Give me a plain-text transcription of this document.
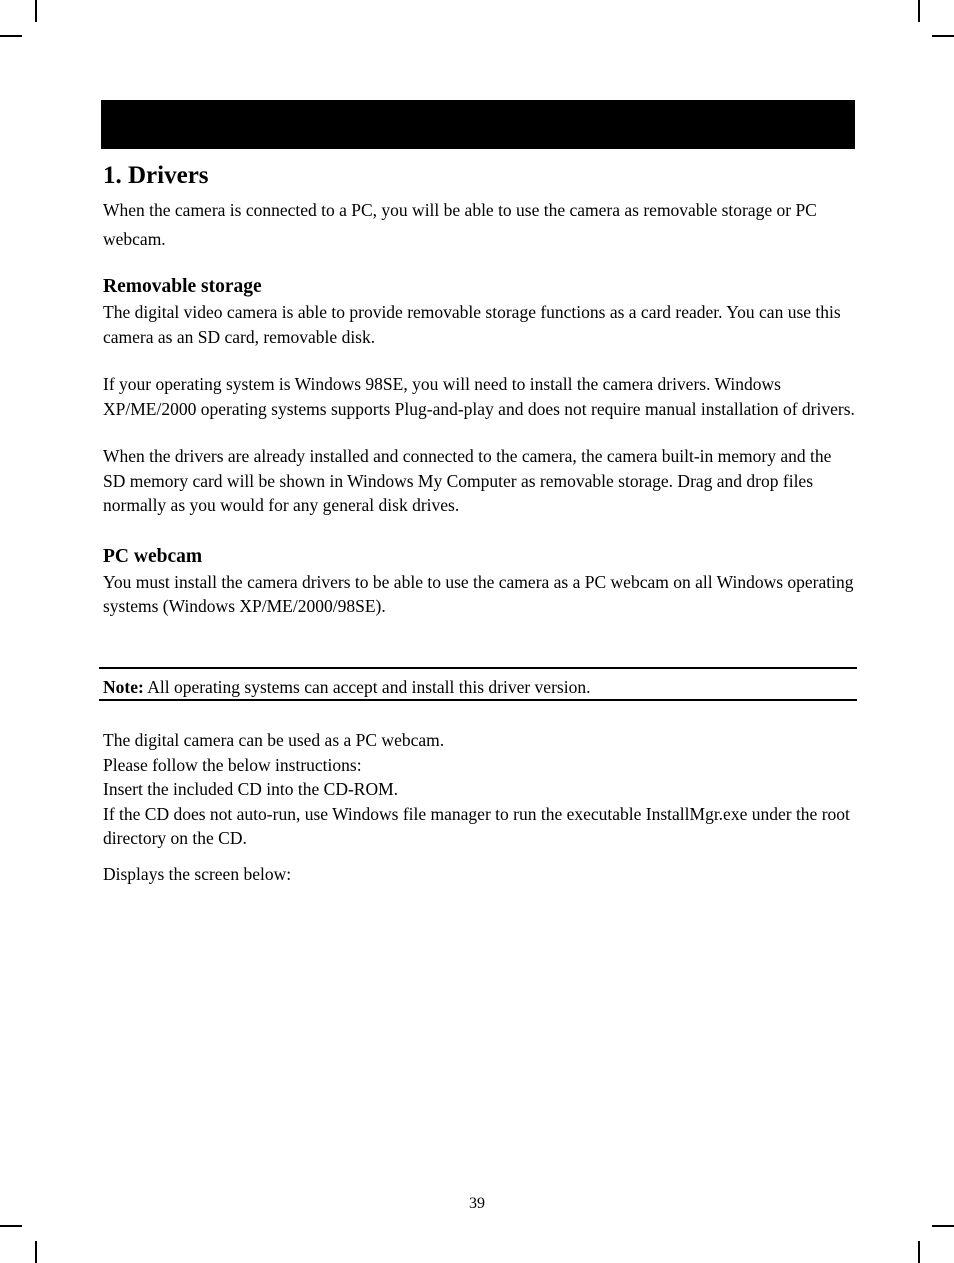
1. Drivers

When the camera is connected to a PC, you will be able to use the camera as removable storage or PC webcam.

Removable storage

The digital video camera is able to provide removable storage functions as a card reader. You can use this camera as an SD card, removable disk.

If your operating system is Windows 98SE, you will need to install the camera drivers. Windows XP/ME/2000 operating systems supports Plug-and-play and does not require manual installation of drivers.

When the drivers are already installed and connected to the camera, the camera built-in memory and the SD memory card will be shown in Windows My Computer as removable storage. Drag and drop files normally as you would for any general disk drives.

PC webcam

You must install the camera drivers to be able to use the camera as a PC webcam on all Windows operating systems (Windows XP/ME/2000/98SE).

Note: All operating systems can accept and install this driver version.

The digital camera can be used as a PC webcam.

Please follow the below instructions:

Insert the included CD into the CD-ROM.

If the CD does not auto-run, use Windows file manager to run the executable InstallMgr.exe under the root directory on the CD.

Displays the screen below:

39
